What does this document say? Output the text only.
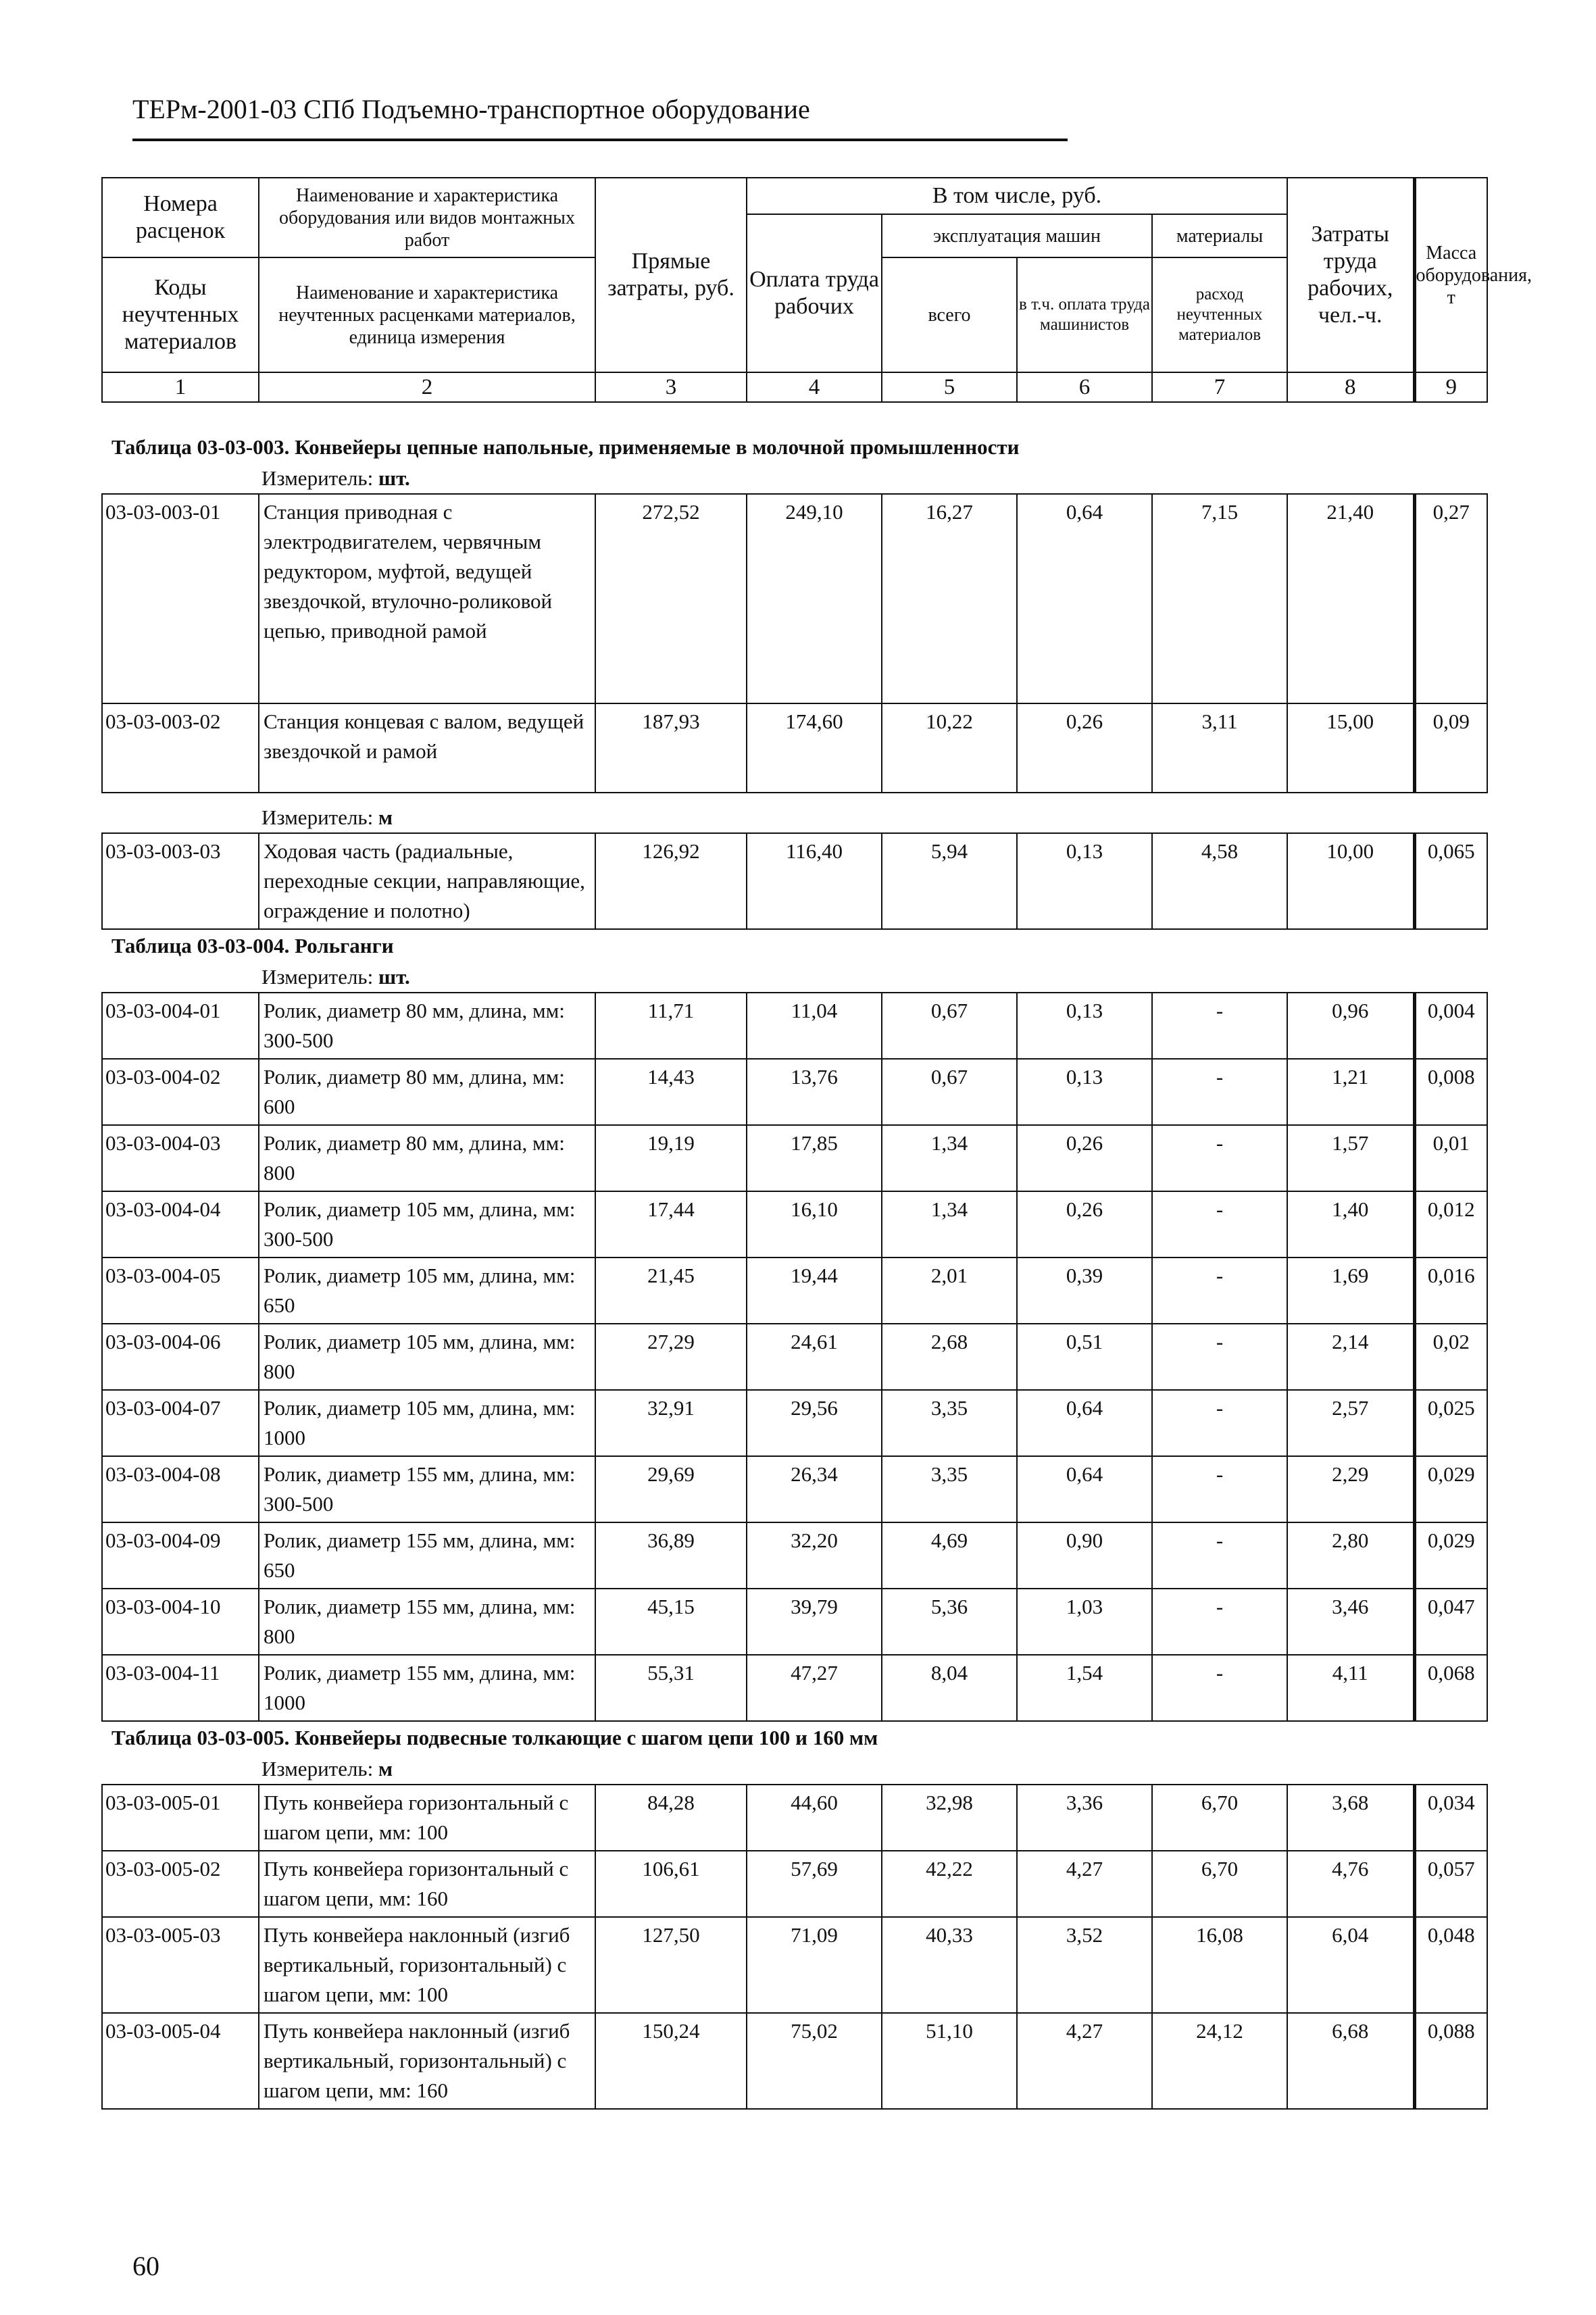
ТЕРм-2001-03 СПб Подъемно-транспортное оборудование
Номера расценок	Наименование и характеристика оборудования или видов монтажных работ	Прямые затраты, руб.	В том числе, руб.				Затраты труда рабочих, чел.-ч.	Масса оборудования, т
			Оплата труда рабочих	эксплуатация машин		материалы		
Коды неучтенных материалов	Наименование и характеристика неучтенных расценками материалов, единица измерения			всего	в т.ч. оплата труда машинистов	расход неучтенных материалов		

1	2	3	4	5	6	7	8	9
Таблица 03-03-003. Конвейеры цепные напольные, применяемые в молочной промышленности								
Измеритель: шт.								
03-03-003-01	Станция приводная с электродвигателем, червячным редуктором, муфтой, ведущей звездочкой, втулочно-роликовой цепью, приводной рамой	272,52	249,10	16,27	0,64	7,15	21,40	0,27
03-03-003-02	Станция концевая с валом, ведущей звездочкой и рамой	187,93	174,60	10,22	0,26	3,11	15,00	0,09
Измеритель: м								
03-03-003-03	Ходовая часть (радиальные, переходные секции, направляющие, ограждение и полотно)	126,92	116,40	5,94	0,13	4,58	10,00	0,065
Таблица 03-03-004. Рольганги								
Измеритель: шт.								
03-03-004-01	Ролик, диаметр 80 мм, длина, мм: 300-500	11,71	11,04	0,67	0,13	-	0,96	0,004
03-03-004-02	Ролик, диаметр 80 мм, длина, мм: 600	14,43	13,76	0,67	0,13	-	1,21	0,008
03-03-004-03	Ролик, диаметр 80 мм, длина, мм: 800	19,19	17,85	1,34	0,26	-	1,57	0,01
03-03-004-04	Ролик, диаметр 105 мм, длина, мм: 300-500	17,44	16,10	1,34	0,26	-	1,40	0,012
03-03-004-05	Ролик, диаметр 105 мм, длина, мм: 650	21,45	19,44	2,01	0,39	-	1,69	0,016
03-03-004-06	Ролик, диаметр 105 мм, длина, мм: 800	27,29	24,61	2,68	0,51	-	2,14	0,02
03-03-004-07	Ролик, диаметр 105 мм, длина, мм: 1000	32,91	29,56	3,35	0,64	-	2,57	0,025
03-03-004-08	Ролик, диаметр 155 мм, длина, мм: 300-500	29,69	26,34	3,35	0,64	-	2,29	0,029
03-03-004-09	Ролик, диаметр 155 мм, длина, мм: 650	36,89	32,20	4,69	0,90	-	2,80	0,029
03-03-004-10	Ролик, диаметр 155 мм, длина, мм: 800	45,15	39,79	5,36	1,03	-	3,46	0,047
03-03-004-11	Ролик, диаметр 155 мм, длина, мм: 1000	55,31	47,27	8,04	1,54	-	4,11	0,068
Таблица 03-03-005. Конвейеры подвесные толкающие с шагом цепи 100 и 160 мм								
Измеритель: м								
03-03-005-01	Путь конвейера горизонтальный с шагом цепи, мм: 100	84,28	44,60	32,98	3,36	6,70	3,68	0,034
03-03-005-02	Путь конвейера горизонтальный с шагом цепи, мм: 160	106,61	57,69	42,22	4,27	6,70	4,76	0,057
03-03-005-03	Путь конвейера наклонный (изгиб вертикальный, горизонтальный) с шагом цепи, мм: 100	127,50	71,09	40,33	3,52	16,08	6,04	0,048
03-03-005-04	Путь конвейера наклонный (изгиб вертикальный, горизонтальный) с шагом цепи, мм: 160	150,24	75,02	51,10	4,27	24,12	6,68	0,088
60
